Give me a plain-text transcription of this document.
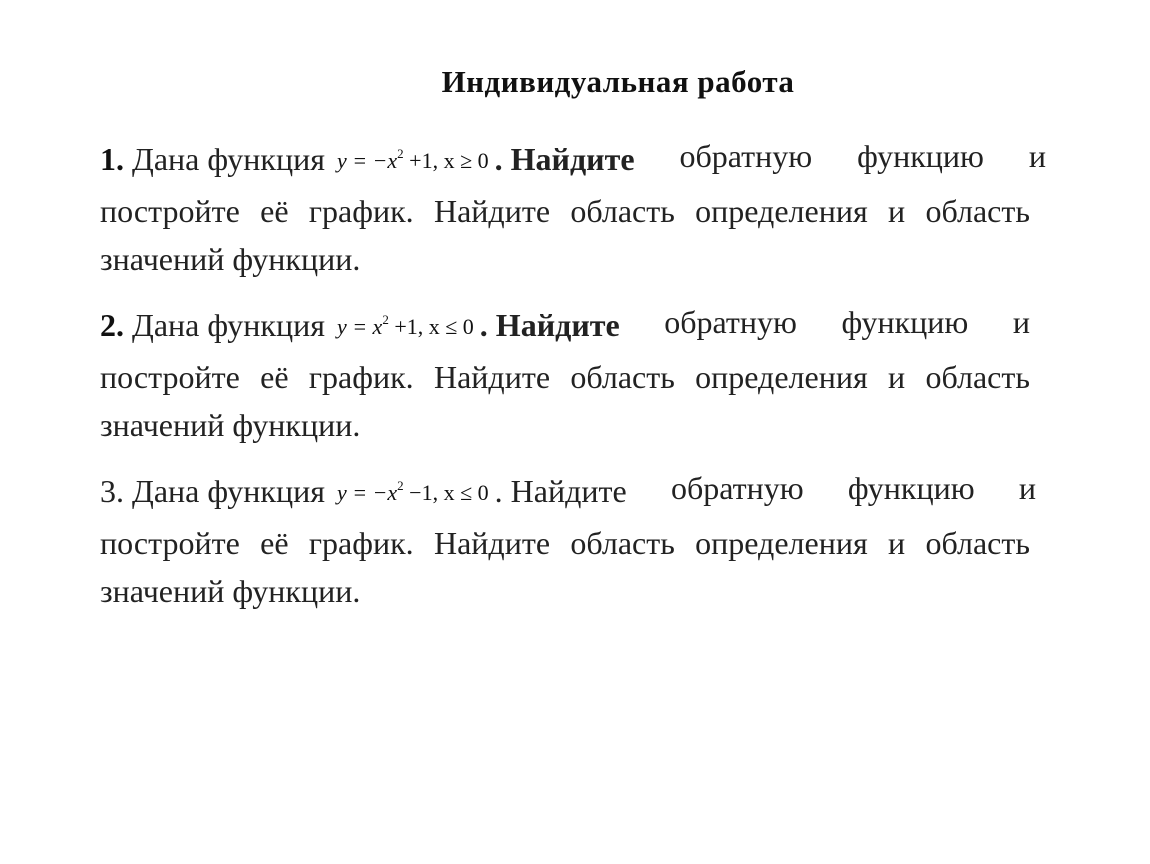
Индивидуальная работа
1. Дана функция $y = -x^2 +1$, x ≥ 0 . Найдите обратную функцию и
постройте её график. Найдите область определения и область
значений функции.
2. Дана функция $y = x^2 +1$, x ≤ 0 . Найдите обратную функцию и
постройте её график. Найдите область определения и область
значений функции.
3. Дана функция $y = -x^2 -1$, x ≤ 0 . Найдите обратную функцию и
постройте её график. Найдите область определения и область
значений функции.
